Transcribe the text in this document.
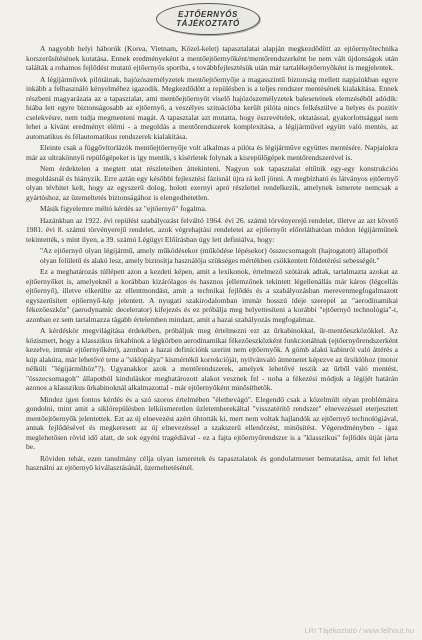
EJTŐERNYŐS
TÁJÉKOZTATÓ

A nagyobb helyi háborúk (Korea, Vietnam, Közel-kelet) tapasztalatai alapján megkezdődött az ejtőernyőtechnika korszerűsítésének kutatása. Ennek eredményeként a mentőejtőernyőként/mentőrendszerként be nem vált újdonságok után találták a rohamos fejlődést mutató ejtőernyős sportba, s továbbfejlesztésük után már tartalékejtőernyőként is megjelentek.

A légijárművek pilótáinak, hajózószemélyzetek mentőejtőernyője a magasszintű biztonság mellett napjainkban egyre inkább a felhasználó kényelméhez igazodik. Megkezdődött a repülésben is a teljes rendszer mentésének kialakítása. Ennek részbeni magyarázata az a tapasztalat, ami mentőejtőernyőt viselő hajózószemélyzetek baleseteinek elemzéséből adódik: hiába lett egyre biztonságosabb az ejtőernyő, a veszélyes szituációba került pilóta nincs felkészülve a helyes és pozitív cselekvésre, nem tudja megmenteni magát. A tapasztalat azt mutatta, hogy észrevételek, oktatással, gyakorlottsággal nem lehet a kívánt eredményt elérni - a megoldás a mentőrendszerek komplexitása, a légijárművel együtt való mentés, az automatikus és félautomatikus rendszerek kialakítása.

Eleinte csak a függővitorlázók mentőejtőernyője volt alkalmas a pilóta és légijárműve együttes mentésére. Napjainkra már az ultrakönnyű repülőgépeket is így mentik, s kísérletek folynak a kisrepülőgépek mentőrendszerével is.

Nem érdektelen a megtett utat részleteiben áttekinteni. Nagyon sok tapasztalat eltűnik egy-egy konstrukciós megoldásnál és hiányzik. Erre aztán egy későbbi fejlesztési fázisnál újra rá kell jönni. A megbízható és látványos ejtőernyő olyan tévhitet kelt, hogy az egyszerű dolog, holott ezernyi apró részlettel rendelkezik, amelynek ismerete nemcsak a gyártóshoz, az üzemeltetés biztonságához is elengedhetetlen.

Másik figyelemre méltó kérdés az "ejtőernyő" fogalma.

Hazánkban az 1922. évi repülési szabályozást felváltó 1964. évi 26. számú törvényerejű rendelet, illetve az azt követő 1981. évi 8. számú törvényerejű rendelet, azok végrehajtási rendeletei az ejtőernyőt előreláthatóan módon légijárműnek tekintették, s mint ilyen, a 39. számú Légügyi Előírásban úgy lett definiálva, hogy:

"Az ejtőernyő olyan légijármű, amely működésekor (működése lépésekor) összecsomagolt (hajtogatott) állapotból olyan felületű és alakú lesz, amely biztosítja használója szükséges mértékben csökkentett földetérési sebességét."

Ez a meghatározás túllépett azon a kezdeti képen, amit a lexikonok, értelmező szótárak adtak, tartalmazta azokat az ejtőernyőket is, amelyeknél a korábban kizárólagos és hasznos jellemzőnek tekintett légellenállás már káros (légcellás ejtőernyő), illetve elkerülte az ellentmondást, amit a technikai fejlődés és a szabályozásban merevenmegfogalmazott egyszerűsített ejtőernyő-kép jelentett. A nyugati szakirodalomban immár hosszú ideje szerepel az "aerodinamikai fékezőeszköz" (aerodynamic decelerator) kifejezés és ez próbálja meg helyettesíteni a korábbi "ejtőernyő technológia"-t, azonban ez sem tartalmazza tágabb értelemben mindazt, amit a hazai szabályozás megfogalmaz.

A kérdéskör megvilágítása érdekében, próbáljuk meg értelmezni ezt az űrkabinokkal, űr-mentőeszközökkel. Az közismert, hogy a klasszikus űrkabinok a légkörben aerodinamikai fékezőeszközként funkcionálnak (ejtőernyőrendszerként kezelve, immár ejtőernyőként), azonban a hazai definíciónk szerint nem ejtőernyők. A gömb alakú kabinról való áttérés a kúp alakúra, már lehetővé tette a "siklópálya" kísmértékű korrekcióját, nyilvánvaló átmenetet képezve az űrsiklóhoz (motor nélküli "légijárműhöz"?). Ugyanakkor azok a mentőrendszerek, amelyek lehetővé teszik az űrből való mentést, "összecsomagolt" állapotból kinduláskor meghatározott alakot vesznek fel - noha a fékezési módjuk a légijét határán azonos a klasszikus űrkabinoknál alkalmazottal - már ejtőernyőként minősíthetők.

Mindez igen fontos kérdés és a szó szoros értelmében "életbevágó". Elegendő csak a közelmúlt olyan problémáira gondolni, mint amit a siklórepülésben lelkiismeretlen üzletemberekáltal "visszatérítő rendszer" elnevezéssel eterjesztett mentőejtőernyők jelentettek. Ezt az új elnevezést azért óhtották ki, mert nem voltak hajlandók az ejtőernyő technológiával, annak fejlődésével és megkeresett az új elnevezéssel a szakszerű ellenőrzést, minősítést. Végeredményben - igaz meglehetősen rövid idő alatt, de sok egyéni tragédiával - ez a fajta ejtőernyőrendszer is a "klasszikus" fejlődés útját járta be.

Röviden tehát, ezen tanulmány célja olyan ismeretek és tapasztalatok és gondolatmenet bemutatása, amit fel lehet használni az ejtőernyő kiválasztásánál, üzemeltetésénél.

LRI Tájékoztató / www.felhout.hu
